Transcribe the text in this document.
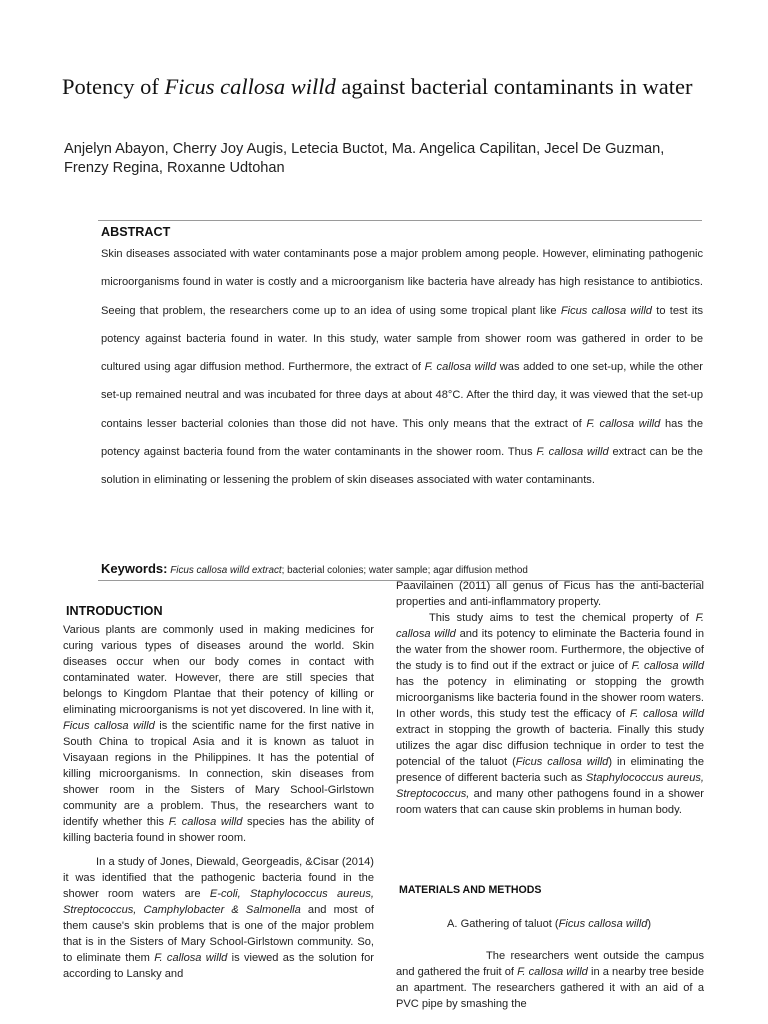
Potency of Ficus callosa willd against bacterial contaminants in water
Anjelyn Abayon, Cherry Joy Augis, Letecia Buctot, Ma. Angelica Capilitan, Jecel De Guzman, Frenzy Regina, Roxanne Udtohan
ABSTRACT
Skin diseases associated with water contaminants pose a major problem among people. However, eliminating pathogenic microorganisms found in water is costly and a microorganism like bacteria have already has high resistance to antibiotics. Seeing that problem, the researchers come up to an idea of using some tropical plant like Ficus callosa willd to test its potency against bacteria found in water. In this study, water sample from shower room was gathered in order to be cultured using agar diffusion method. Furthermore, the extract of F. callosa willd was added to one set-up, while the other set-up remained neutral and was incubated for three days at about 48°C. After the third day, it was viewed that the set-up contains lesser bacterial colonies than those did not have. This only means that the extract of F. callosa willd has the potency against bacteria found from the water contaminants in the shower room. Thus F. callosa willd extract can be the solution in eliminating or lessening the problem of skin diseases associated with water contaminants.
Keywords: Ficus callosa willd extract; bacterial colonies; water sample; agar diffusion method
INTRODUCTION

Various plants are commonly used in making medicines for curing various types of diseases around the world. Skin diseases occur when our body comes in contact with contaminated water. However, there are still species that belongs to Kingdom Plantae that their potency of killing or eliminating microorganisms is not yet discovered. In line with it, Ficus callosa willd is the scientific name for the first native in South China to tropical Asia and it is known as taluot in Visayaan regions in the Philippines. It has the potential of killing microorganisms. In connection, skin diseases from shower room in the Sisters of Mary School-Girlstown community are a problem. Thus, the researchers want to identify whether this F. callosa willd species has the ability of killing bacteria found in shower room.

In a study of Jones, Diewald, Georgeadis, &Cisar (2014) it was identified that the pathogenic bacteria found in the shower room waters are E-coli, Staphylococcus aureus, Streptococcus, Camphylobacter & Salmonella and most of them cause's skin problems that is one of the major problem that is in the Sisters of Mary School-Girlstown community. So, to eliminate them F. callosa willd is viewed as the solution for according to Lansky and

Paavilainen (2011) all genus of Ficus has the anti-bacterial properties and anti-inflammatory property.

This study aims to test the chemical property of F. callosa willd and its potency to eliminate the Bacteria found in the water from the shower room. Furthermore, the objective of the study is to find out if the extract or juice of F. callosa willd has the potency in eliminating or stopping the growth microorganisms like bacteria found in the shower room waters. In other words, this study test the efficacy of F. callosa willd extract in stopping the growth of bacteria. Finally this study utilizes the agar disc diffusion technique in order to test the potencial of the taluot (Ficus callosa willd) in eliminating the presence of different bacteria such as Staphylococcus aureus, Streptococcus, and many other pathogens found in a shower room waters that can cause skin problems in human body.

MATERIALS AND METHODS
A. Gathering of taluot (Ficus callosa willd)

The researchers went outside the campus and gathered the fruit of F. callosa willd in a nearby tree beside an apartment. The researchers gathered it with an aid of a PVC pipe by smashing the
